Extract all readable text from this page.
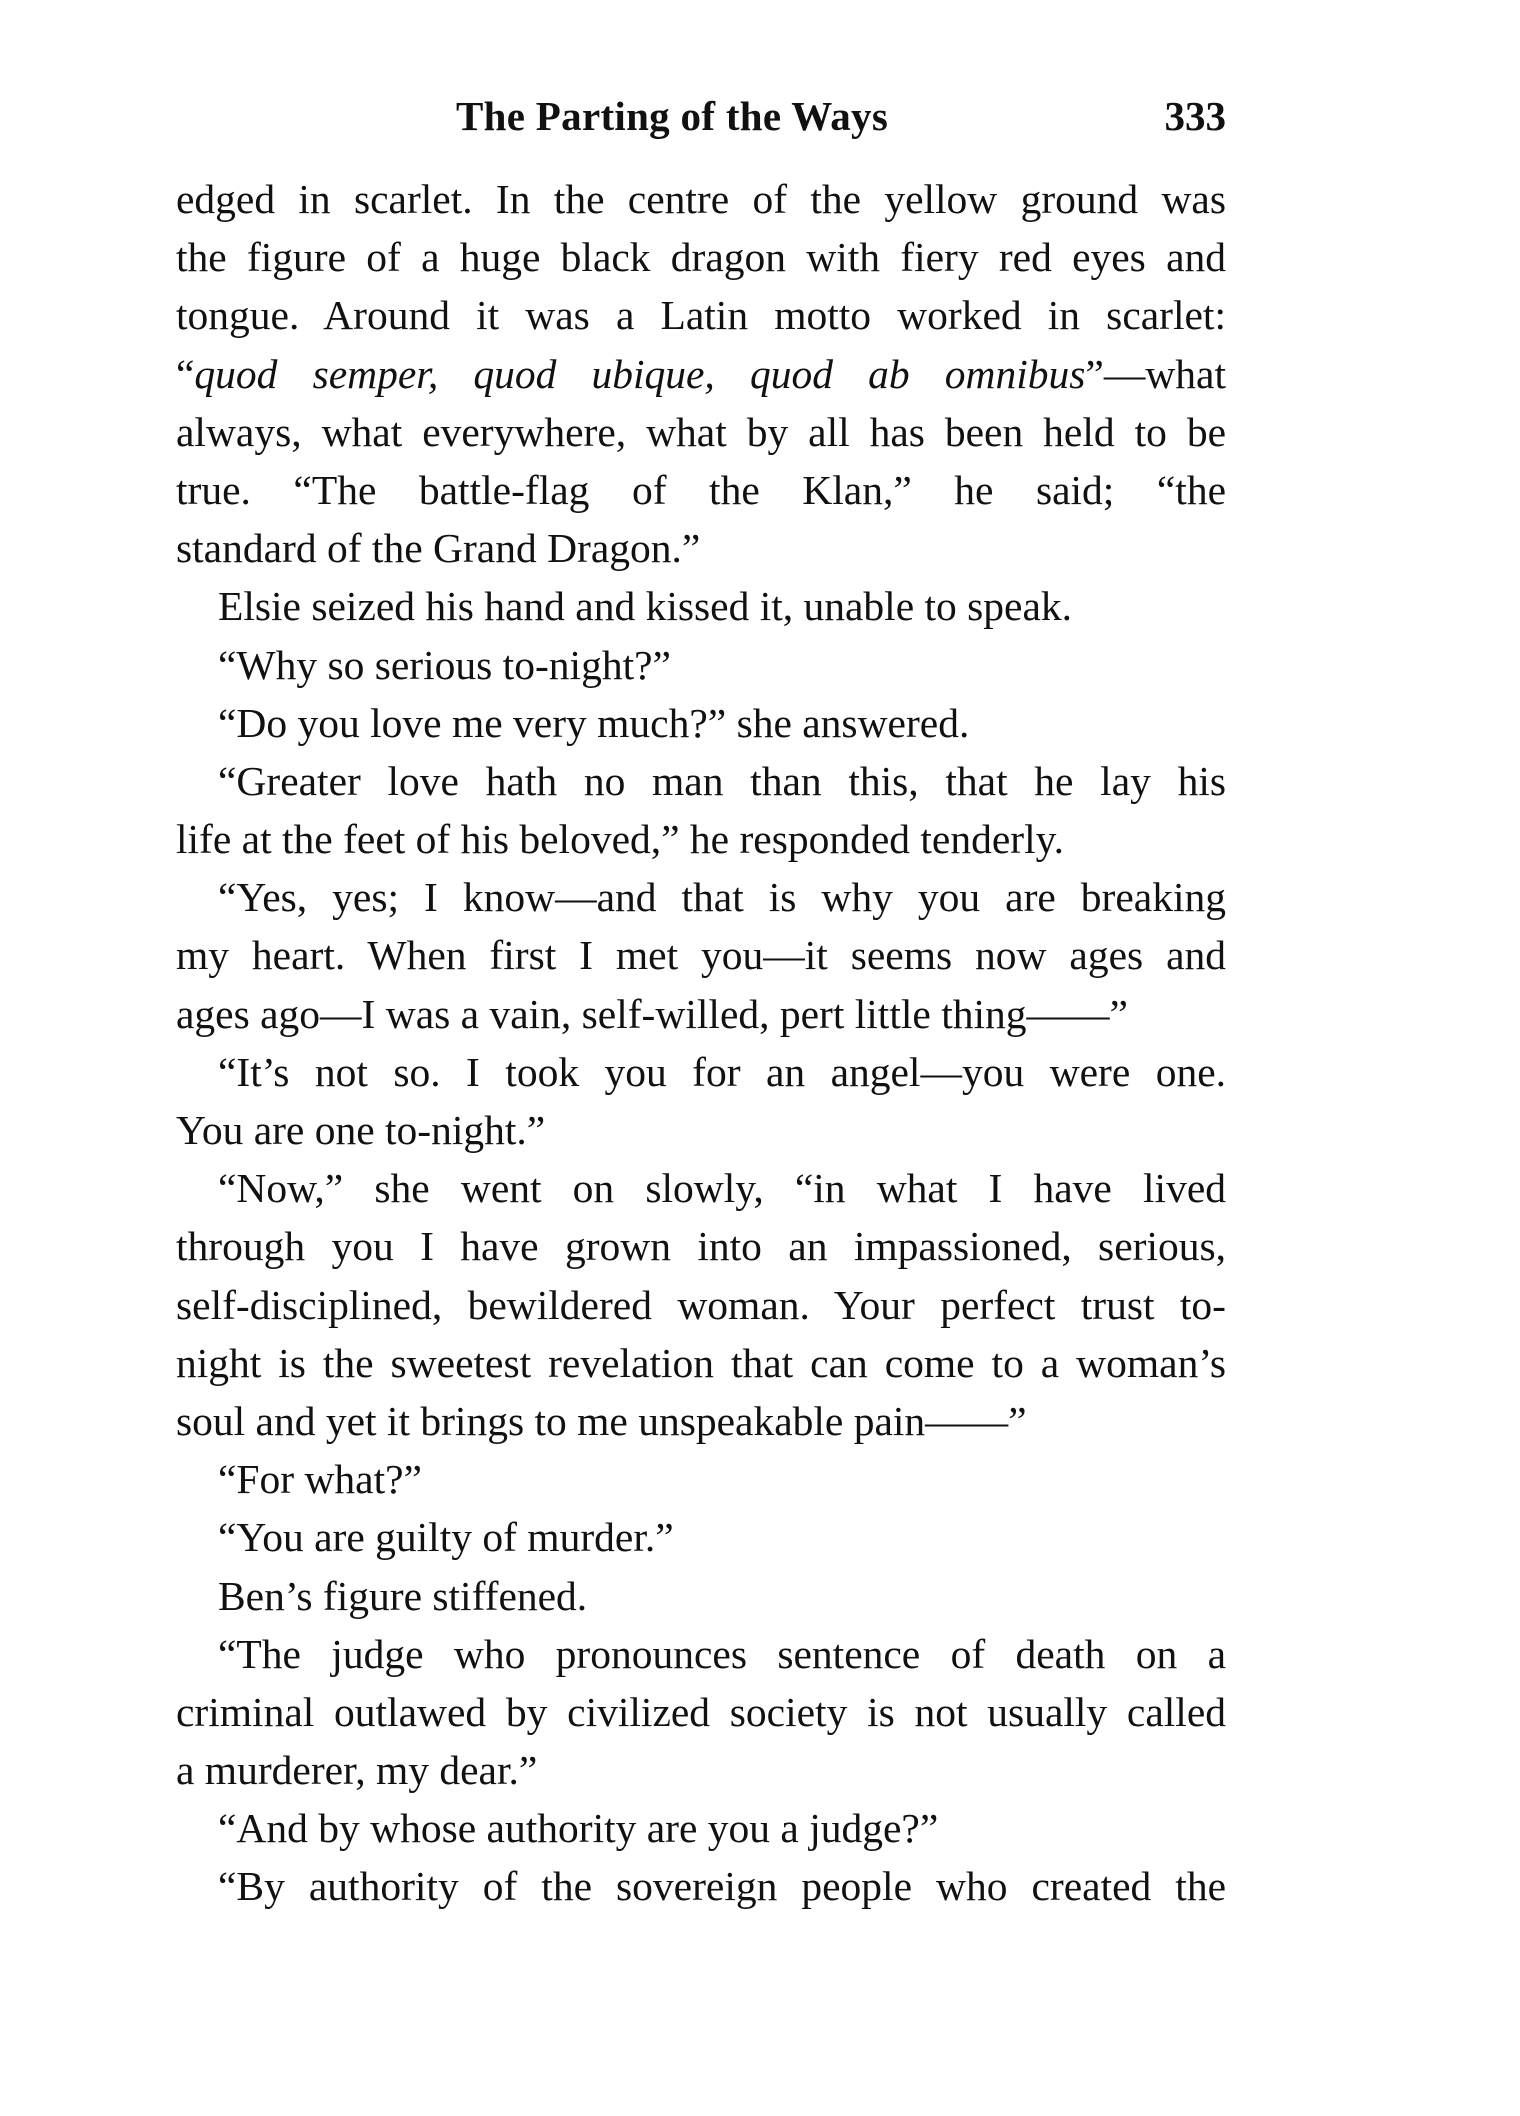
The Parting of the Ways	333
edged in scarlet. In the centre of the yellow ground was
the figure of a huge black dragon with fiery red eyes and
tongue. Around it was a Latin motto worked in scarlet:
“quod semper, quod ubique, quod ab omnibus”—what
always, what everywhere, what by all has been held to be
true. “The battle-flag of the Klan,” he said; “the
standard of the Grand Dragon.”
Elsie seized his hand and kissed it, unable to speak.
“Why so serious to-night?”
“Do you love me very much?” she answered.
“Greater love hath no man than this, that he lay his
life at the feet of his beloved,” he responded tenderly.
“Yes, yes; I know—and that is why you are breaking
my heart. When first I met you—it seems now ages and
ages ago—I was a vain, self-willed, pert little thing——”
“It’s not so. I took you for an angel—you were one.
You are one to-night.”
“Now,” she went on slowly, “in what I have lived
through you I have grown into an impassioned, serious,
self-disciplined, bewildered woman. Your perfect trust to-
night is the sweetest revelation that can come to a woman’s
soul and yet it brings to me unspeakable pain——”
“For what?”
“You are guilty of murder.”
Ben’s figure stiffened.
“The judge who pronounces sentence of death on a
criminal outlawed by civilized society is not usually called
a murderer, my dear.”
“And by whose authority are you a judge?”
“By authority of the sovereign people who created the
